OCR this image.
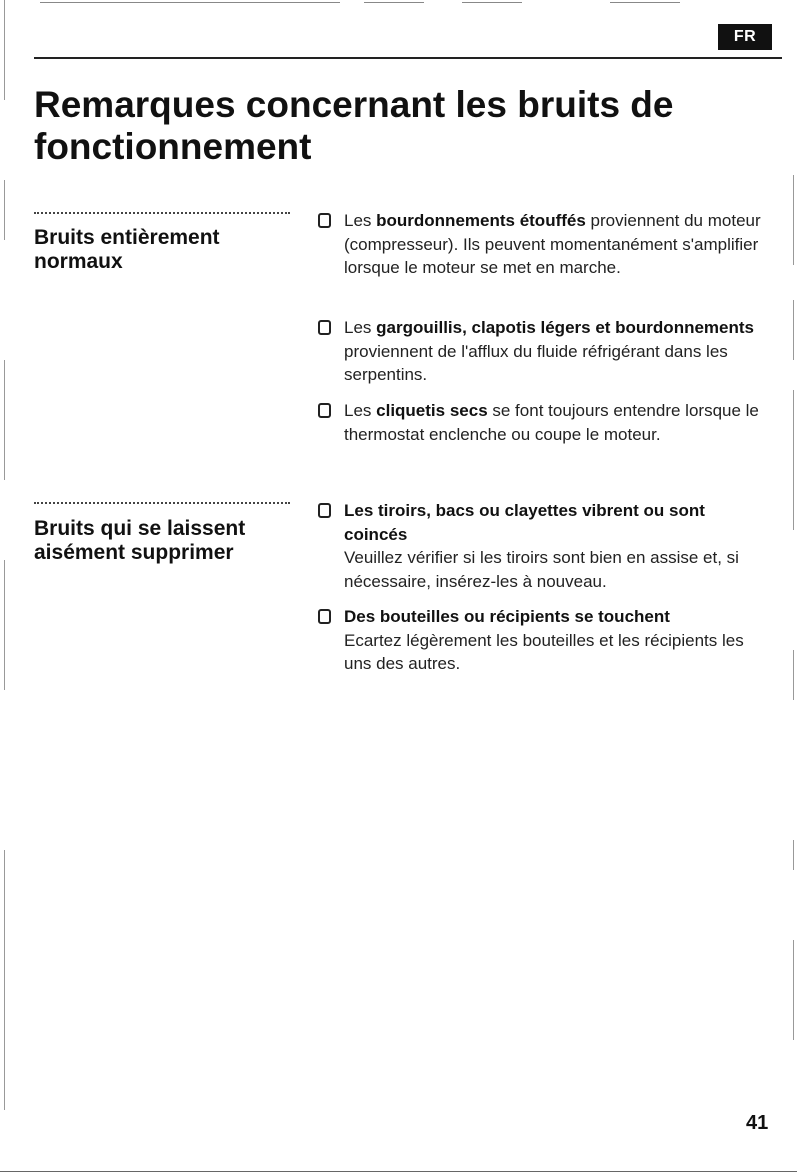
FR
Remarques concernant les bruits de fonctionnement
Bruits entièrement normaux

Les bourdonnements étouffés proviennent du moteur (compresseur). Ils peuvent momentanément s'amplifier lorsque le moteur se met en marche.

Les gargouillis, clapotis légers et bourdonnements proviennent de l'afflux du fluide réfrigérant dans les serpentins.

Les cliquetis secs se font toujours entendre lorsque le thermostat enclenche ou coupe le moteur.

Bruits qui se laissent aisément supprimer

Les tiroirs, bacs ou clayettes vibrent ou sont coincés

Veuillez vérifier si les tiroirs sont bien en assise et, si nécessaire, insérez-les à nouveau.

Des bouteilles ou récipients se touchent

Ecartez légèrement les bouteilles et les récipients les uns des autres.

41
